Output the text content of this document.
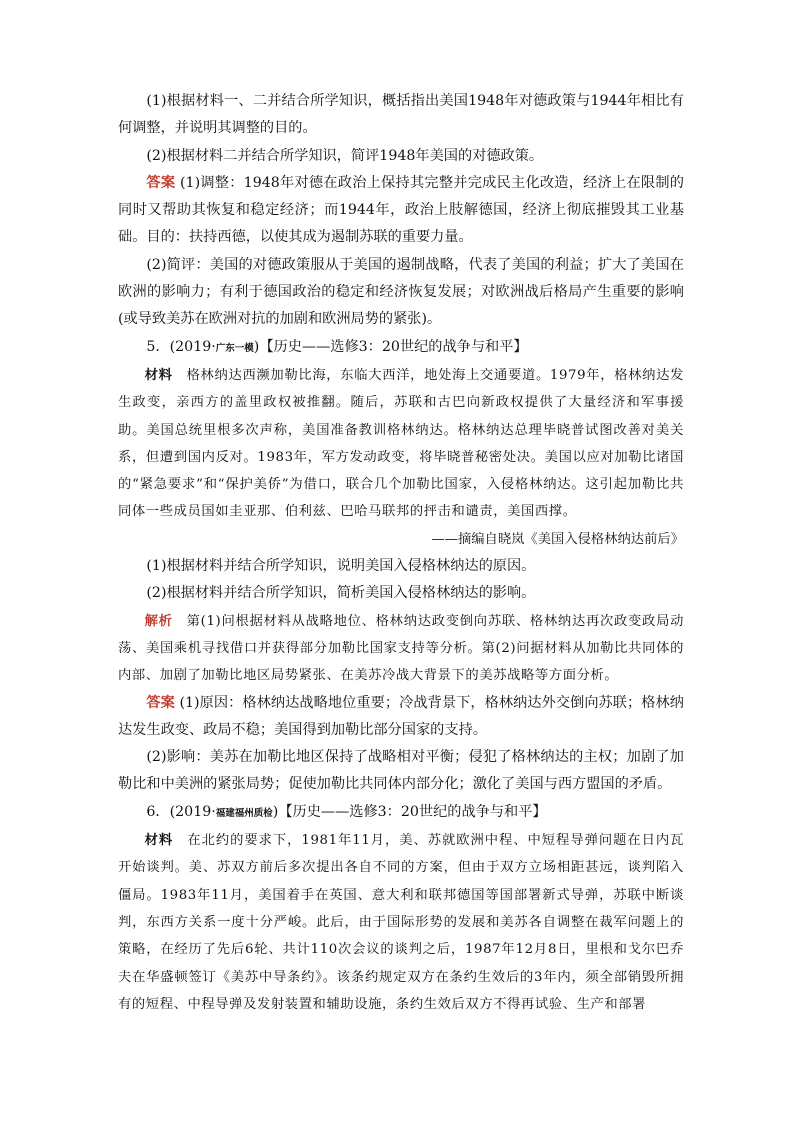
(1)根据材料一、二并结合所学知识，概括指出美国1948年对德政策与1944年相比有何调整，并说明其调整的目的。

(2)根据材料二并结合所学知识，简评1948年美国的对德政策。

答案 (1)调整：1948年对德在政治上保持其完整并完成民主化改造，经济上在限制的同时又帮助其恢复和稳定经济；而1944年，政治上肢解德国，经济上彻底摧毁其工业基础。目的：扶持西德，以使其成为遏制苏联的重要力量。

(2)简评：美国的对德政策服从于美国的遏制战略，代表了美国的利益；扩大了美国在欧洲的影响力；有利于德国政治的稳定和经济恢复发展；对欧洲战后格局产生重要的影响(或导致美苏在欧洲对抗的加剧和欧洲局势的紧张)。

5．(2019·广东一模)【历史——选修3：20世纪的战争与和平】

材料　格林纳达西濒加勒比海，东临大西洋，地处海上交通要道。1979年，格林纳达发生政变，亲西方的盖里政权被推翻。随后，苏联和古巴向新政权提供了大量经济和军事援助。美国总统里根多次声称，美国准备教训格林纳达。格林纳达总理毕晓普试图改善对美关系，但遭到国内反对。1983年，军方发动政变，将毕晓普秘密处决。美国以应对加勒比诸国的“紧急要求”和“保护美侨”为借口，联合几个加勒比国家，入侵格林纳达。这引起加勒比共同体一些成员国如圭亚那、伯利兹、巴哈马联邦的抨击和谴责，美国西撑。

——摘编自晓岚《美国入侵格林纳达前后》

(1)根据材料并结合所学知识，说明美国入侵格林纳达的原因。

(2)根据材料并结合所学知识，简析美国入侵格林纳达的影响。

解析　第(1)问根据材料从战略地位、格林纳达政变倒向苏联、格林纳达再次政变政局动荡、美国乘机寻找借口并获得部分加勒比国家支持等分析。第(2)问据材料从加勒比共同体的内部、加剧了加勒比地区局势紧张、在美苏冷战大背景下的美苏战略等方面分析。

答案 (1)原因：格林纳达战略地位重要；冷战背景下，格林纳达外交倒向苏联；格林纳达发生政变、政局不稳；美国得到加勒比部分国家的支持。

(2)影响：美苏在加勒比地区保持了战略相对平衡；侵犯了格林纳达的主权；加剧了加勒比和中美洲的紧张局势；促使加勒比共同体内部分化；激化了美国与西方盟国的矛盾。

6．(2019·福建福州质检)【历史——选修3：20世纪的战争与和平】

材料　在北约的要求下，1981年11月，美、苏就欧洲中程、中短程导弹问题在日内瓦开始谈判。美、苏双方前后多次提出各自不同的方案，但由于双方立场相距甚远，谈判陷入僵局。1983年11月，美国着手在英国、意大利和联邦德国等国部署新式导弹，苏联中断谈判，东西方关系一度十分严峻。此后，由于国际形势的发展和美苏各自调整在裁军问题上的策略，在经历了先后6轮、共计110次会议的谈判之后，1987年12月8日，里根和戈尔巴乔夫在华盛顿签订《美苏中导条约》。该条约规定双方在条约生效后的3年内，须全部销毁所拥有的短程、中程导弹及发射装置和辅助设施，条约生效后双方不得再试验、生产和部署
